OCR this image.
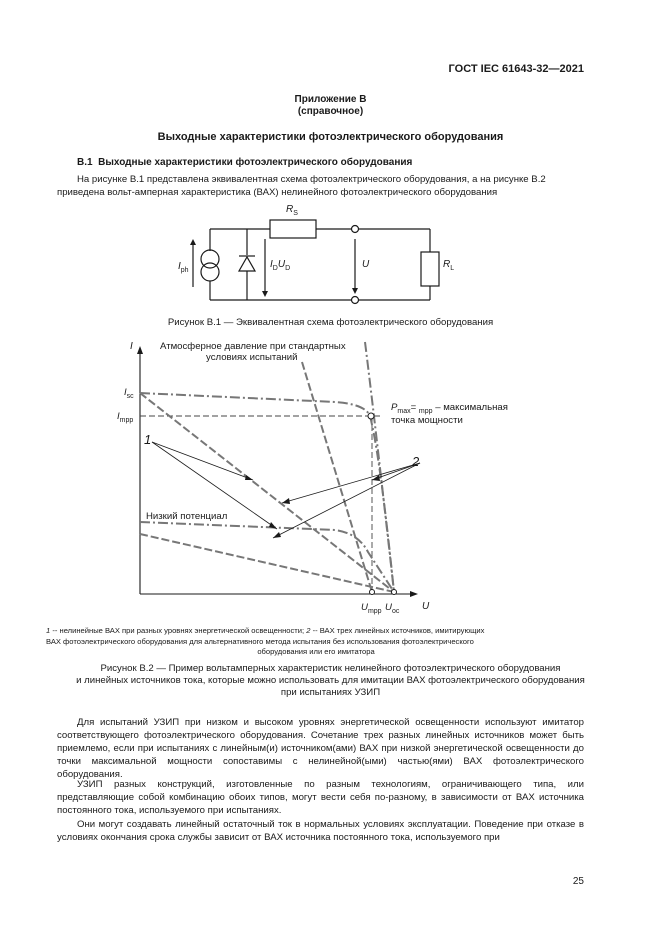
ГОСТ IEC 61643-32—2021
Приложение В
(справочное)
Выходные характеристики фотоэлектрического оборудования
В.1 Выходные характеристики фотоэлектрического оборудования
На рисунке В.1 представлена эквивалентная схема фотоэлектрического оборудования, а на рисунке В.2
приведена вольт-амперная характеристика (ВАХ) нелинейного фотоэлектрического оборудования
$R_S$
$I_{ph}$
$I_DU_D$	U	$R_L$
Рисунок В.1 — Эквивалентная схема фотоэлектрического оборудования
I
U
Атмосферное давление при стандартных
условиях испытаний
Низкий потенциал
1
2
$I_{sc}$
$I_{mpp}$
$U_{mpp}$ $U_{oc}$
$P_{max}= _{mpp}$ – максимальная
точка мощности
1 -- нелинейные ВАХ при разных уровнях энергетической освещенности; 2 -- ВАХ трех линейных источников, имитирующих
ВАХ фотоэлектрического оборудования для альтернативного метода испытания без использования фотоэлектрического
оборудования или его имитатора
Рисунок В.2 — Пример вольтамперных характеристик нелинейного фотоэлектрического оборудования
и линейных источников тока, которые можно использовать для имитации ВАХ фотоэлектрического оборудования
при испытаниях УЗИП
Для испытаний УЗИП при низком и высоком уровнях энергетической освещенности используют имитатор соответствующего фотоэлектрического оборудования. Сочетание трех разных линейных источников может быть приемлемо, если при испытаниях с линейным(и) источником(ами) ВАХ при низкой энергетической освещенности до точки максимальной мощности сопоставимы с нелинейной(ыми) частью(ями) ВАХ фотоэлектрического оборудования.
УЗИП разных конструкций, изготовленные по разным технологиям, ограничивающего типа, или представляющие собой комбинацию обоих типов, могут вести себя по-разному, в зависимости от ВАХ источника постоянного тока, используемого при испытаниях.
Они могут создавать линейный остаточный ток в нормальных условиях эксплуатации. Поведение при отказе в условиях окончания срока службы зависит от ВАХ источника постоянного тока, используемого при
25
